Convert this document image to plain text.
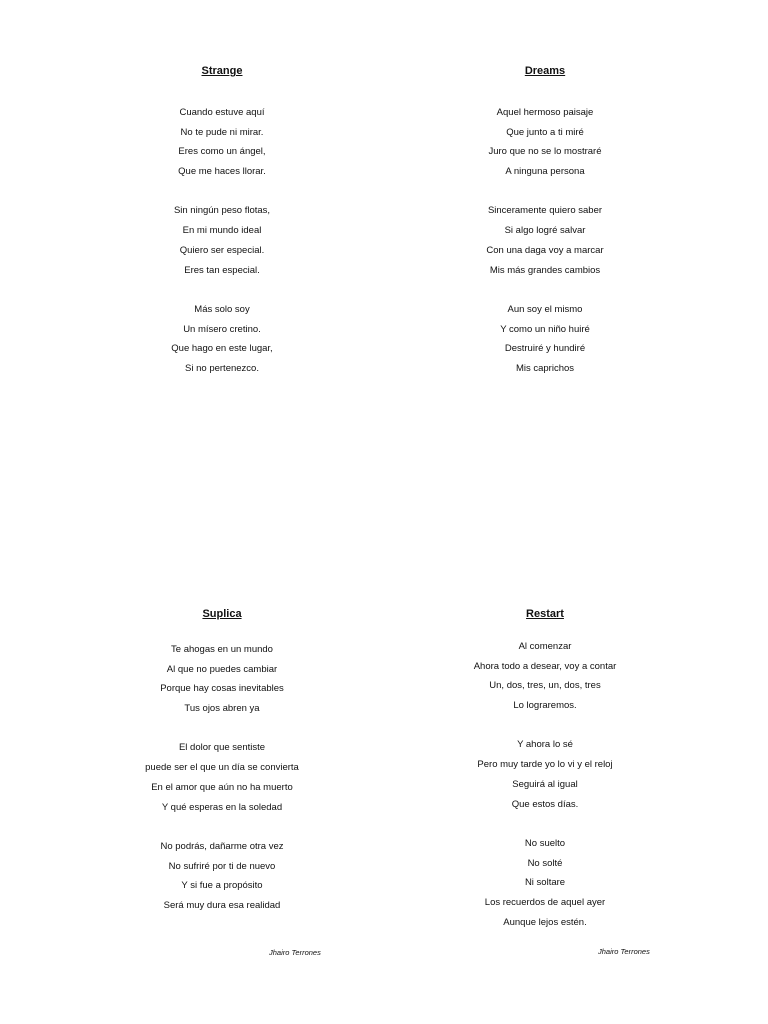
Strange
Cuando estuve aquí
No te pude ni mirar.
Eres como un ángel,
Que me haces llorar.
Sin ningún peso flotas,
En mi mundo ideal
Quiero ser especial.
Eres tan especial.
Más solo soy
Un mísero cretino.
Que hago en este lugar,
Si no pertenezco.
Dreams
Aquel hermoso paisaje
Que junto a ti miré
Juro que no se lo mostraré
A ninguna persona
Sinceramente quiero saber
Si algo logré salvar
Con una daga voy a marcar
Mis más grandes cambios
Aun soy el mismo
Y como un niño huiré
Destruiré y hundiré
Mis caprichos
Suplica
Te ahogas en un mundo
Al que no puedes cambiar
Porque hay cosas inevitables
Tus ojos abren ya
El dolor que sentiste
puede ser el que un día se convierta
En el amor que aún no ha muerto
Y qué esperas en la soledad
No podrás, dañarme otra vez
No sufriré por ti de nuevo
Y si fue a propósito
Será muy dura esa realidad
Restart
Al comenzar
Ahora todo a desear, voy a contar
Un, dos, tres, un, dos, tres
Lo lograremos.
Y ahora lo sé
Pero muy tarde yo lo vi y el reloj
Seguirá al igual
Que estos días.
No suelto
No solté
Ni soltare
Los recuerdos de aquel ayer
Aunque lejos estén.
Jhairo Terrones	Jhairo Terrones
